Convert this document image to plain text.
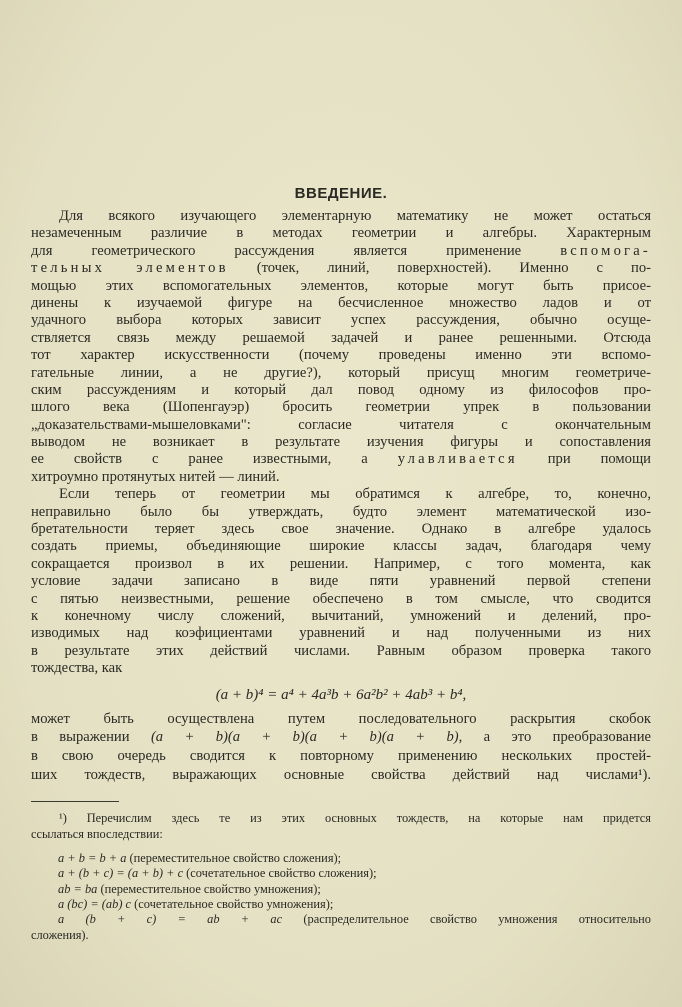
ВВЕДЕНИЕ.
Для всякого изучающего элементарную математику не может остаться
незамеченным различие в методах геометрии и алгебры. Характерным
для геометрического рассуждения является применение вспомога-
тельных элементов (точек, линий, поверхностей). Именно с по-
мощью этих вспомогательных элементов, которые могут быть присое-
динены к изучаемой фигуре на бесчисленное множество ладов и от
удачного выбора которых зависит успех рассуждения, обычно осуще-
ствляется связь между решаемой задачей и ранее решенными. Отсюда
тот характер искусственности (почему проведены именно эти вспомо-
гательные линии, а не другие?), который присущ многим геометриче-
ским рассуждениям и который дал повод одному из философов про-
шлого века (Шопенгауэр) бросить геометрии упрек в пользовании
„доказательствами-мышеловками": согласие читателя с окончательным
выводом не возникает в результате изучения фигуры и сопоставления
ее свойств с ранее известными, а улавливается при помощи
хитроумно протянутых нитей — линий.
Если теперь от геометрии мы обратимся к алгебре, то, конечно,
неправильно было бы утверждать, будто элемент математической изо-
бретательности теряет здесь свое значение. Однако в алгебре удалось
создать приемы, объединяющие широкие классы задач, благодаря чему
сокращается произвол в их решении. Например, с того момента, как
условие задачи записано в виде пяти уравнений первой степени
с пятью неизвестными, решение обеспечено в том смысле, что сводится
к конечному числу сложений, вычитаний, умножений и делений, про-
изводимых над коэфициентами уравнений и над полученными из них
в результате этих действий числами. Равным образом проверка такого
тождества, как
(a + b)⁴ = a⁴ + 4a³b + 6a²b² + 4ab³ + b⁴,
может быть осуществлена путем последовательного раскрытия скобок
в выражении (a + b)(a + b)(a + b)(a + b), а это преобразование
в свою очередь сводится к повторному применению нескольких простей-
ших тождеств, выражающих основные свойства действий над числами¹).
¹) Перечислим здесь те из этих основных тождеств, на которые нам придется
ссылаться впоследствии:
a + b = b + a (переместительное свойство сложения);
a + (b + c) = (a + b) + c (сочетательное свойство сложения);
ab = ba (переместительное свойство умножения);
a (bc) = (ab) c (сочетательное свойство умножения);
a (b + c) = ab + ac (распределительное свойство умножения относительно
сложения).
